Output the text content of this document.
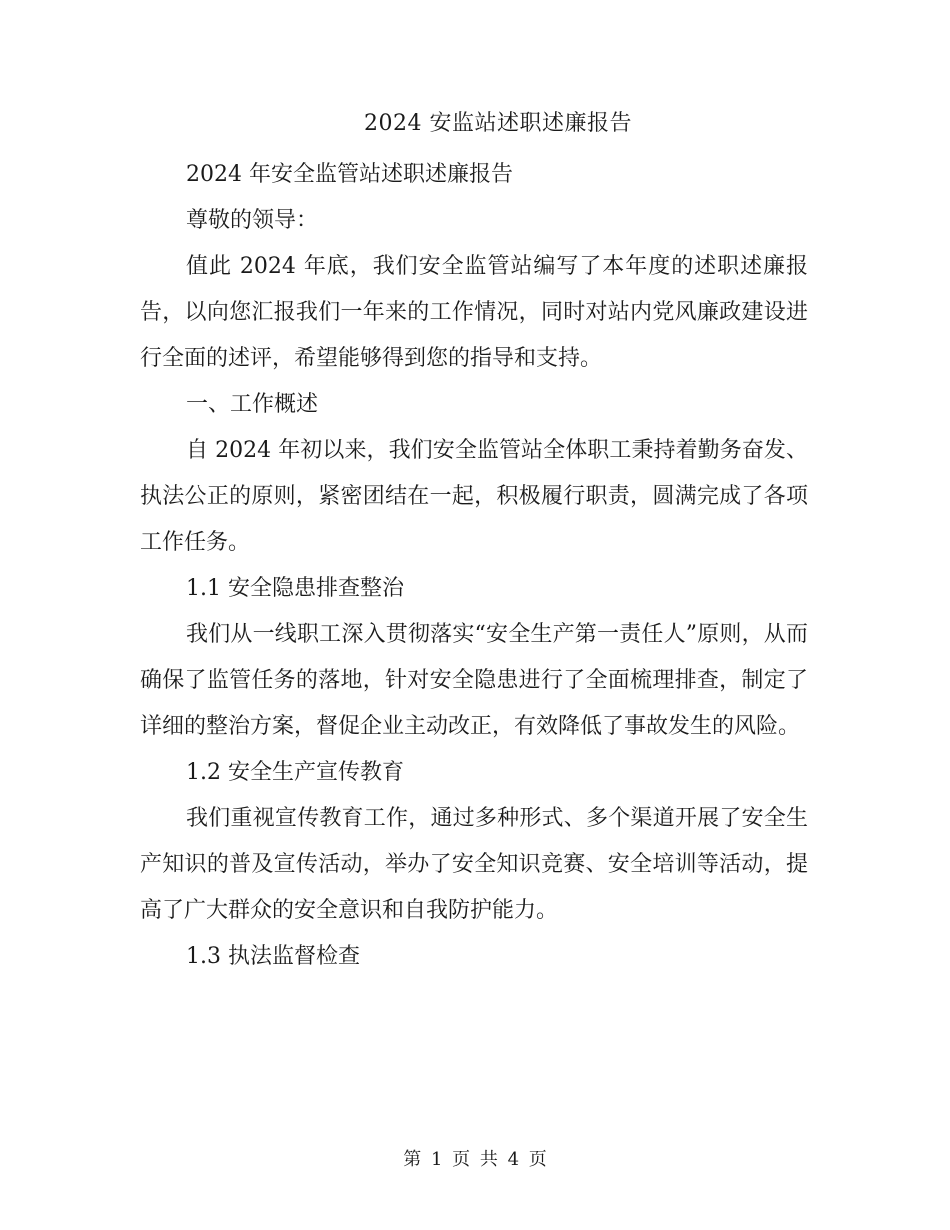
2024 安监站述职述廉报告

2024 年安全监管站述职述廉报告

尊敬的领导：

值此 2024 年底，我们安全监管站编写了本年度的述职述廉报告，以向您汇报我们一年来的工作情况，同时对站内党风廉政建设进行全面的述评，希望能够得到您的指导和支持。

一、工作概述

自 2024 年初以来，我们安全监管站全体职工秉持着勤务奋发、执法公正的原则，紧密团结在一起，积极履行职责，圆满完成了各项工作任务。

1.1 安全隐患排查整治

我们从一线职工深入贯彻落实“安全生产第一责任人”原则，从而确保了监管任务的落地，针对安全隐患进行了全面梳理排查，制定了详细的整治方案，督促企业主动改正，有效降低了事故发生的风险。

1.2 安全生产宣传教育

我们重视宣传教育工作，通过多种形式、多个渠道开展了安全生产知识的普及宣传活动，举办了安全知识竞赛、安全培训等活动，提高了广大群众的安全意识和自我防护能力。

1.3 执法监督检查

第 1 页 共 4 页
